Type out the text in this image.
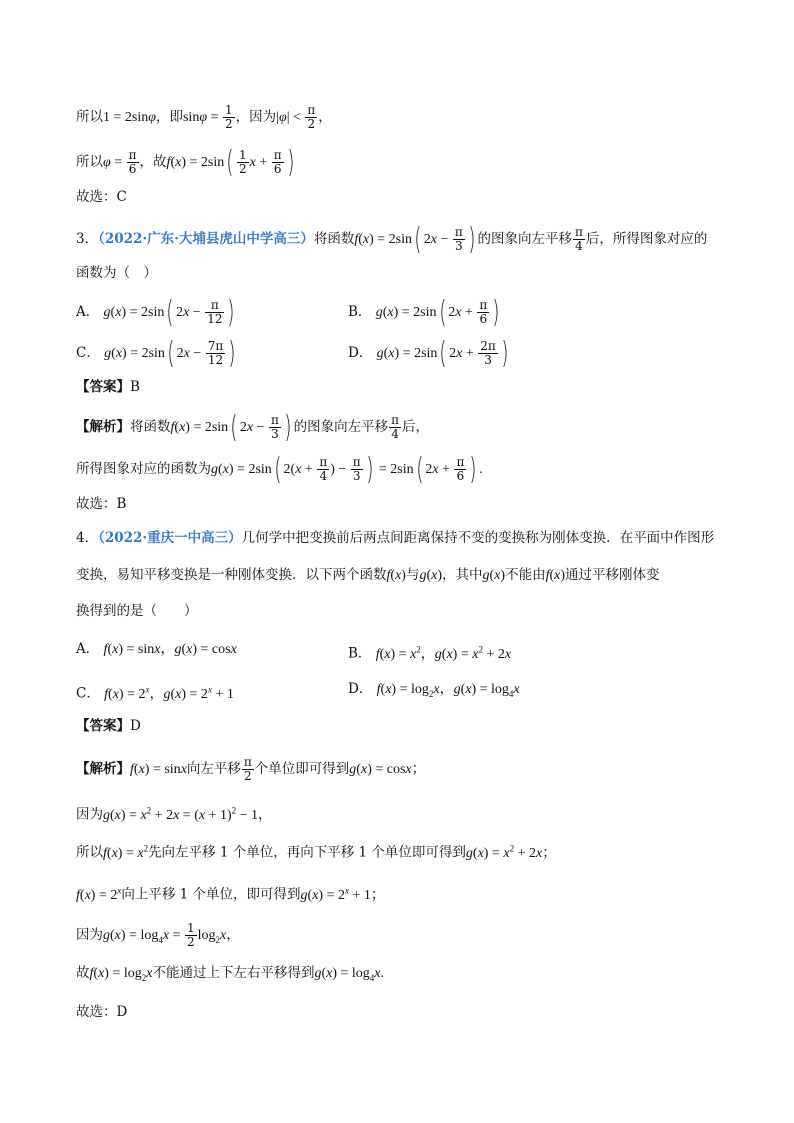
所以1 = 2sinφ，即$\sin\varphi = \frac{1}{2}$ ，因为$|\varphi| < \frac{\pi}{2}$ ，
所以$\varphi = \frac{\pi}{6}$ ，故$f(x) = 2\sin( \frac{1}{2}$ $x + \frac{\pi}{6}$ )
故选：C
3．（2022·广东·大埔县虎山中学高三）将函数f(x) = 2sin( $2x - \frac{\pi}{3}$ ) 的图象向左平移 $\frac{\pi}{4}$ 后，所得图象对应的
函数为（　）
A． g(x) = 2sin( $2x - \frac{\pi}{12}$ )	B． g(x) = 2sin( $2x + \frac{\pi}{6}$ )
C． g(x) = 2sin( $2x - \frac{7\pi}{12}$ )	D． g(x) = 2sin( $2x + \frac{2\pi}{3}$ )
【答案】B
【解析】将函数f(x) = 2sin( $2x - \frac{\pi}{3}$ ) 的图象向左平移 $\frac{\pi}{4}$ 后，
所得图象对应的函数为g(x) = 2sin( $2(x + \frac{\pi}{4}$ ) − $\frac{\pi}{3}$ ) = 2sin( $2x + \frac{\pi}{6}$ ) .
故选：B
4．（2022·重庆一中高三）几何学中把变换前后两点间距离保持不变的变换称为刚体变换．在平面中作图形
变换，易知平移变换是一种刚体变换．以下两个函数f(x)与g(x)，其中g(x)不能由f(x)通过平移刚体变
换得到的是（　　）
A． f(x) = sinx，g(x) = cosx	B． $f(x) = x^2$，$g(x) = x^2 + 2x$
C． $f(x) = 2^x$，$g(x) = 2^x + 1$	D． $f(x) = \log_2x$，$g(x) = \log_4x$
【答案】D
【解析】f(x) = sinx向左平移 $\frac{\pi}{2}$ 个单位即可得到g(x) = cosx；
因为$g(x) = x^2 + 2x = (x + 1)^2 - 1$，
所以$f(x) = x^2$先向左平移 1 个单位，再向下平移 1 个单位即可得到$g(x) = x^2 + 2x$；
$f(x) = 2^x$向上平移 1 个单位，即可得到$g(x) = 2^x + 1$；
因为$g(x) = \log_4x = \frac{1}{2} \log_2x$，
故$f(x) = \log_2x$不能通过上下左右平移得到$g(x) = \log_4x$.
故选：D
